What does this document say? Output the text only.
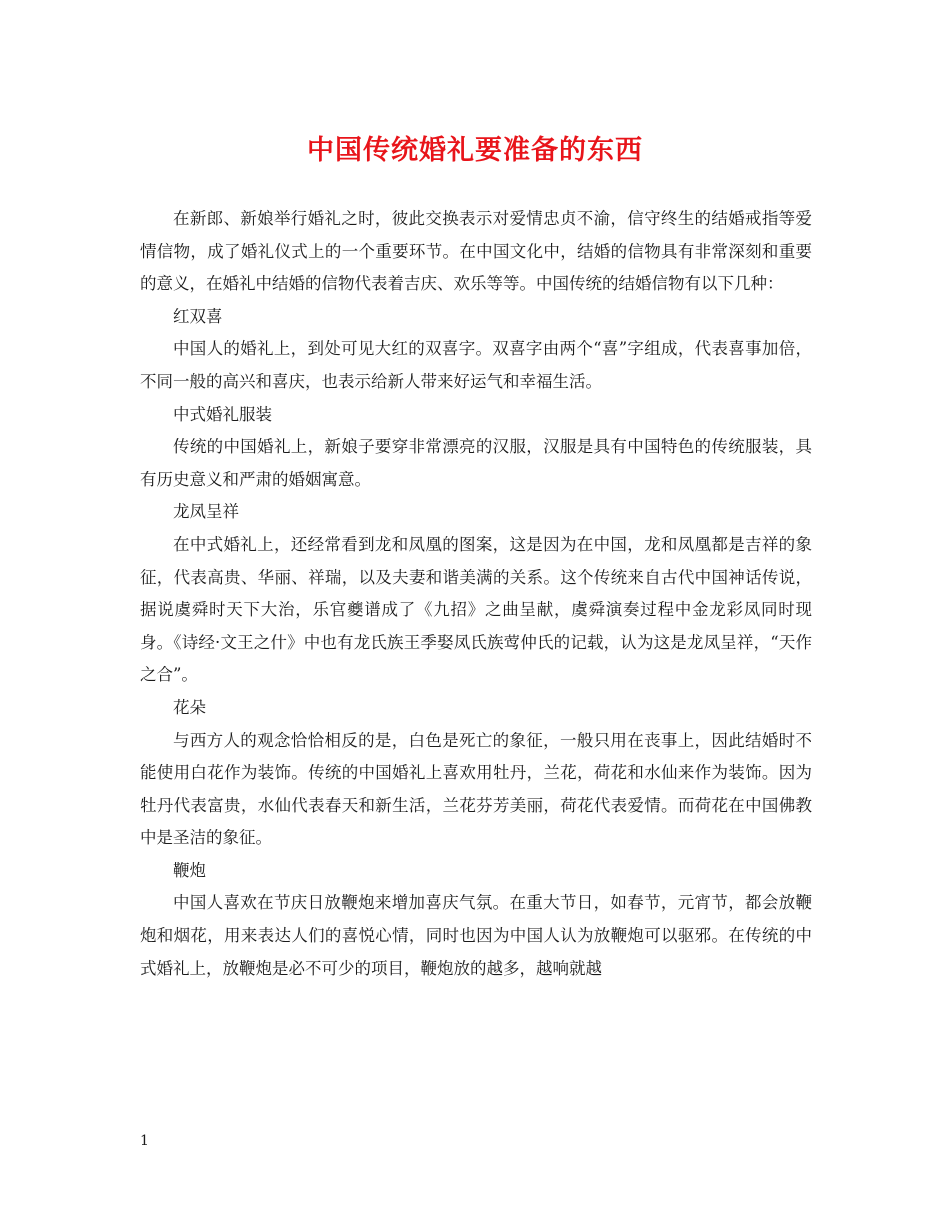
中国传统婚礼要准备的东西

在新郎、新娘举行婚礼之时，彼此交换表示对爱情忠贞不渝，信守终生的结婚戒指等爱情信物，成了婚礼仪式上的一个重要环节。在中国文化中，结婚的信物具有非常深刻和重要的意义，在婚礼中结婚的信物代表着吉庆、欢乐等等。中国传统的结婚信物有以下几种：

红双喜

中国人的婚礼上，到处可见大红的双喜字。双喜字由两个“喜”字组成，代表喜事加倍，不同一般的高兴和喜庆，也表示给新人带来好运气和幸福生活。

中式婚礼服装

传统的中国婚礼上，新娘子要穿非常漂亮的汉服，汉服是具有中国特色的传统服装，具有历史意义和严肃的婚姻寓意。

龙凤呈祥

在中式婚礼上，还经常看到龙和凤凰的图案，这是因为在中国，龙和凤凰都是吉祥的象征，代表高贵、华丽、祥瑞，以及夫妻和谐美满的关系。这个传统来自古代中国神话传说，据说虞舜时天下大治，乐官夔谱成了《九招》之曲呈献，虞舜演奏过程中金龙彩凤同时现身。《诗经·文王之什》中也有龙氏族王季娶凤氏族莺仲氏的记载，认为这是龙凤呈祥，“天作之合”。

花朵

与西方人的观念恰恰相反的是，白色是死亡的象征，一般只用在丧事上，因此结婚时不能使用白花作为装饰。传统的中国婚礼上喜欢用牡丹，兰花，荷花和水仙来作为装饰。因为牡丹代表富贵，水仙代表春天和新生活，兰花芬芳美丽，荷花代表爱情。而荷花在中国佛教中是圣洁的象征。

鞭炮

中国人喜欢在节庆日放鞭炮来增加喜庆气氛。在重大节日，如春节，元宵节，都会放鞭炮和烟花，用来表达人们的喜悦心情，同时也因为中国人认为放鞭炮可以驱邪。在传统的中式婚礼上，放鞭炮是必不可少的项目，鞭炮放的越多，越响就越

1
